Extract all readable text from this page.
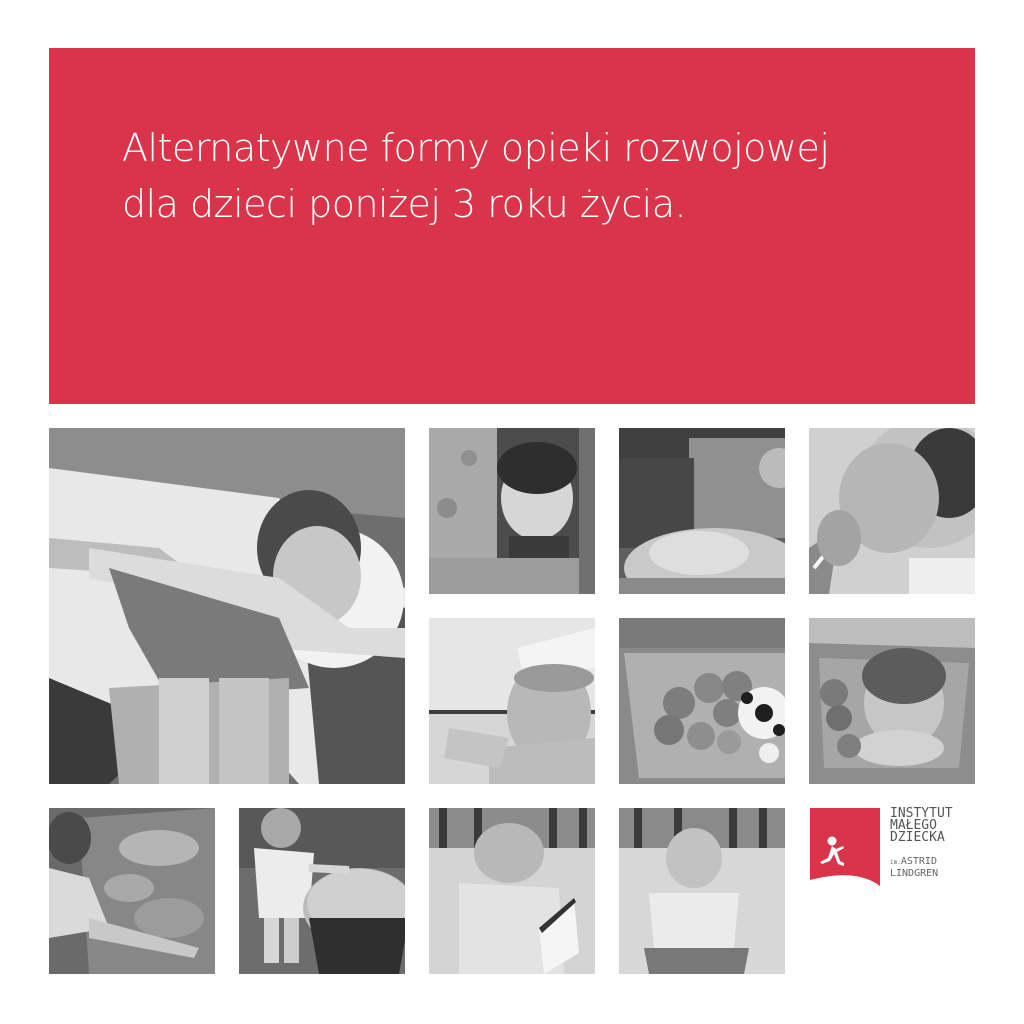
Alternatywne formy opieki rozwojowej
dla dzieci poniżej 3 roku życia.
INSTYTUT
MAŁEGO
DZIECKA
im.ASTRID
LINDGREN
